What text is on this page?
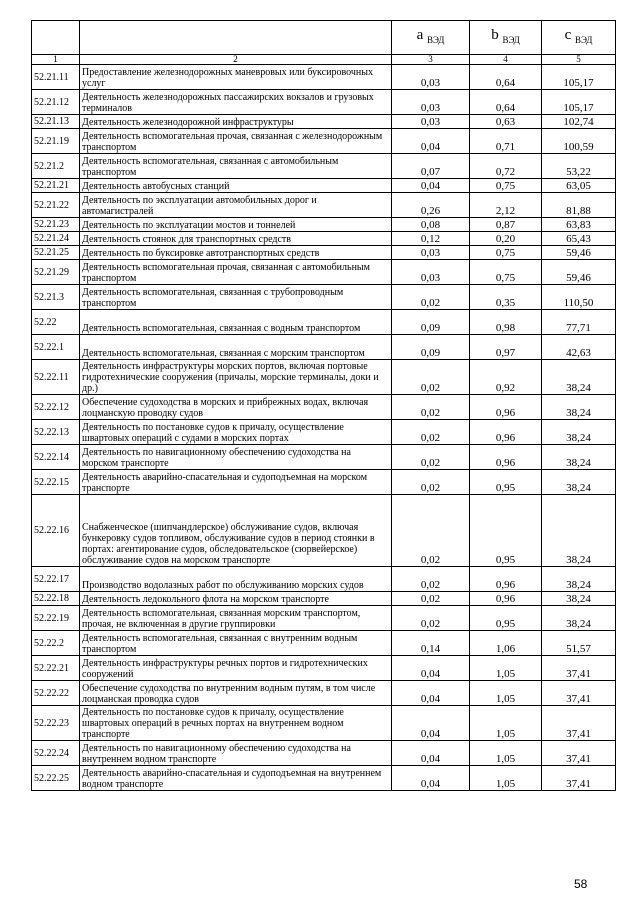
		a $_{ВЭД}$	b $_{ВЭД}$	c $_{ВЭД}$
1	2	3	4	5
52.21.11	Предоставление железнодорожных маневровых или буксировочных услуг	0,03	0,64	105,17
52.21.12	Деятельность железнодорожных пассажирских вокзалов и грузовых терминалов	0,03	0,64	105,17
52.21.13	Деятельность железнодорожной инфраструктуры	0,03	0,63	102,74
52.21.19	Деятельность вспомогательная прочая, связанная с железнодорожным транспортом	0,04	0,71	100,59
52.21.2	Деятельность вспомогательная, связанная с автомобильным транспортом	0,07	0,72	53,22
52.21.21	Деятельность автобусных станций	0,04	0,75	63,05
52.21.22	Деятельность по эксплуатации автомобильных дорог и автомагистралей	0,26	2,12	81,88
52.21.23	Деятельность по эксплуатации мостов и тоннелей	0,08	0,87	63,83
52.21.24	Деятельность стоянок для транспортных средств	0,12	0,20	65,43
52.21.25	Деятельность по буксировке автотранспортных средств	0,03	0,75	59,46
52.21.29	Деятельность вспомогательная прочая, связанная с автомобильным транспортом	0,03	0,75	59,46
52.21.3	Деятельность вспомогательная, связанная с трубопроводным транспортом	0,02	0,35	110,50
52.22	Деятельность вспомогательная, связанная с водным транспортом	0,09	0,98	77,71
52.22.1	Деятельность вспомогательная, связанная с морским транспортом	0,09	0,97	42,63
52.22.11	Деятельность инфраструктуры морских портов, включая портовые гидротехнические сооружения (причалы, морские терминалы, доки и др.)	0,02	0,92	38,24
52.22.12	Обеспечение судоходства в морских и прибрежных водах, включая лоцманскую проводку судов	0,02	0,96	38,24
52.22.13	Деятельность по постановке судов к причалу, осуществление швартовых операций с судами в морских портах	0,02	0,96	38,24
52.22.14	Деятельность по навигационному обеспечению судоходства на морском транспорте	0,02	0,96	38,24
52.22.15	Деятельность аварийно-спасательная и судоподъемная на морском транспорте	0,02	0,95	38,24
52.22.16	Снабженческое (шипчандлерское) обслуживание судов, включая бункеровку судов топливом, обслуживание судов в период стоянки в портах: агентирование судов, обследовательское (сюрвейерское) обслуживание судов на морском транспорте	0,02	0,95	38,24
52.22.17	Производство водолазных работ по обслуживанию морских судов	0,02	0,96	38,24
52.22.18	Деятельность ледокольного флота на морском транспорте	0,02	0,96	38,24
52.22.19	Деятельность вспомогательная, связанная морским транспортом, прочая, не включенная в другие группировки	0,02	0,95	38,24
52.22.2	Деятельность вспомогательная, связанная с внутренним водным транспортом	0,14	1,06	51,57
52.22.21	Деятельность инфраструктуры речных портов и гидротехнических сооружений	0,04	1,05	37,41
52.22.22	Обеспечение судоходства по внутренним водным путям, в том числе лоцманская проводка судов	0,04	1,05	37,41
52.22.23	Деятельность по постановке судов к причалу, осуществление швартовых операций в речных портах на внутреннем водном транспорте	0,04	1,05	37,41
52.22.24	Деятельность по навигационному обеспечению судоходства на внутреннем водном транспорте	0,04	1,05	37,41
52.22.25	Деятельность аварийно-спасательная и судоподъемная на внутреннем водном транспорте	0,04	1,05	37,41
58
